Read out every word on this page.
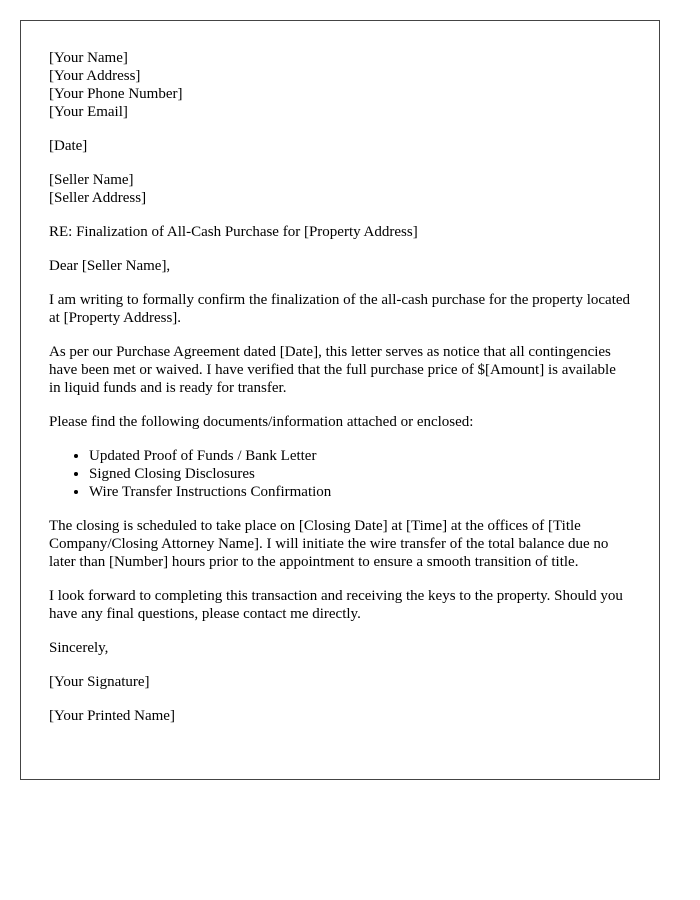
[Your Name]
[Your Address]
[Your Phone Number]
[Your Email]

[Date]

[Seller Name]
[Seller Address]

RE: Finalization of All-Cash Purchase for [Property Address]

Dear [Seller Name],

I am writing to formally confirm the finalization of the all-cash purchase for the property located at [Property Address].

As per our Purchase Agreement dated [Date], this letter serves as notice that all contingencies have been met or waived. I have verified that the full purchase price of $[Amount] is available in liquid funds and is ready for transfer.

Please find the following documents/information attached or enclosed:

• Updated Proof of Funds / Bank Letter
• Signed Closing Disclosures
• Wire Transfer Instructions Confirmation

The closing is scheduled to take place on [Closing Date] at [Time] at the offices of [Title Company/Closing Attorney Name]. I will initiate the wire transfer of the total balance due no later than [Number] hours prior to the appointment to ensure a smooth transition of title.

I look forward to completing this transaction and receiving the keys to the property. Should you have any final questions, please contact me directly.

Sincerely,

[Your Signature]

[Your Printed Name]
